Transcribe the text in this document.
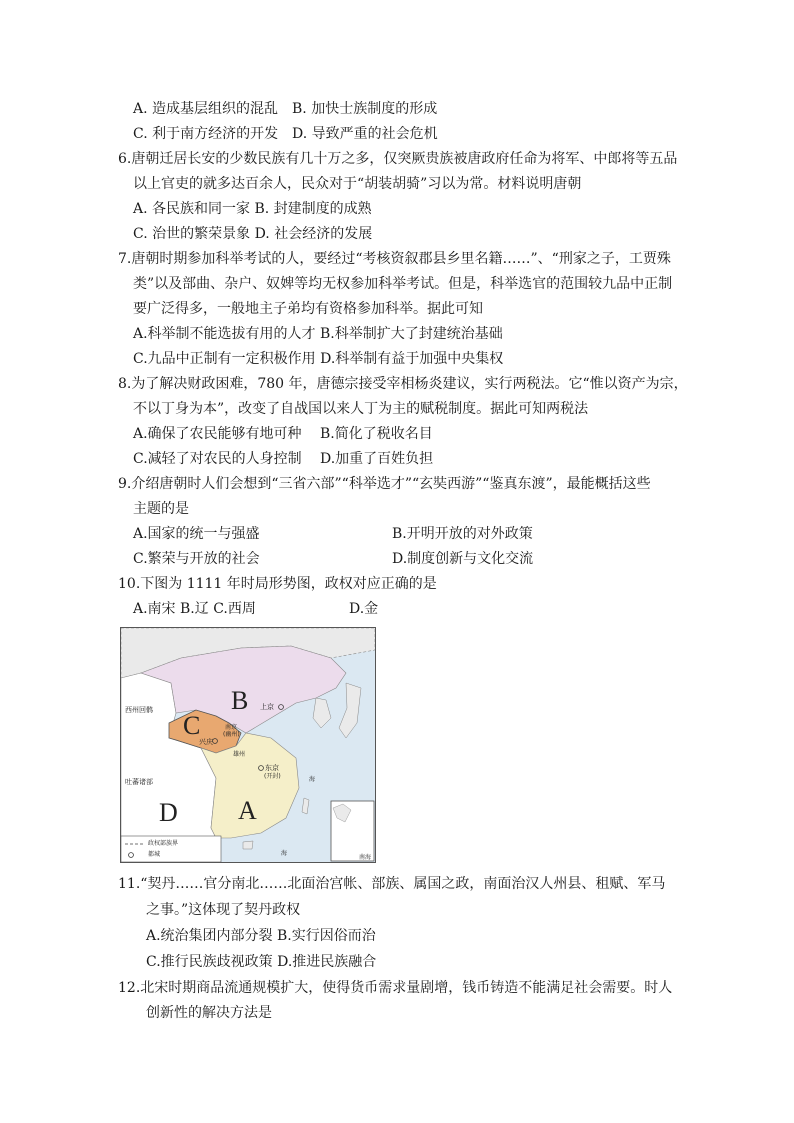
A. 造成基层组织的混乱 B. 加快士族制度的形成
C. 利于南方经济的开发 D. 导致严重的社会危机
6.唐朝迁居长安的少数民族有几十万之多，仅突厥贵族被唐政府任命为将军、中郎将等五品
以上官吏的就多达百余人，民众对于“胡装胡骑”习以为常。材料说明唐朝
A. 各民族和同一家 B. 封建制度的成熟
C. 治世的繁荣景象 D. 社会经济的发展
7.唐朝时期参加科举考试的人，要经过“考核资叙郡县乡里名籍……”、“刑家之子，工贾殊
类”以及部曲、杂户、奴婢等均无权参加科举考试。但是，科举选官的范围较九品中正制
要广泛得多，一般地主子弟均有资格参加科举。据此可知
A.科举制不能选拔有用的人才 B.科举制扩大了封建统治基础
C.九品中正制有一定积极作用 D.科举制有益于加强中央集权
8.为了解决财政困难，780 年，唐德宗接受宰相杨炎建议，实行两税法。它“惟以资产为宗，
不以丁身为本”，改变了自战国以来人丁为主的赋税制度。据此可知两税法
A.确保了农民能够有地可种 B.简化了税收名目
C.减轻了对农民的人身控制 D.加重了百姓负担
9.介绍唐朝时人们会想到“三省六部”“科举选才”“玄奘西游”“鉴真东渡”，最能概括这些
主题的是
A.国家的统一与强盛	B.开明开放的对外政策
C.繁荣与开放的社会	D.制度创新与文化交流
10.下图为 1111 年时局形势图，政权对应正确的是
A.南宋 B.辽 C.西周	D.金
B
C
A
D
上京
南京
(幽州)
兴庆
东京
(开封)
西州回鹘
吐蕃诸部
雄州
海
海
南海
政权部族界
都城
11.“契丹……官分南北……北面治宫帐、部族、属国之政，南面治汉人州县、租赋、军马
之事。”这体现了契丹政权
A.统治集团内部分裂 B.实行因俗而治
C.推行民族歧视政策 D.推进民族融合
12.北宋时期商品流通规模扩大，使得货币需求量剧增，钱币铸造不能满足社会需要。时人
创新性的解决方法是
